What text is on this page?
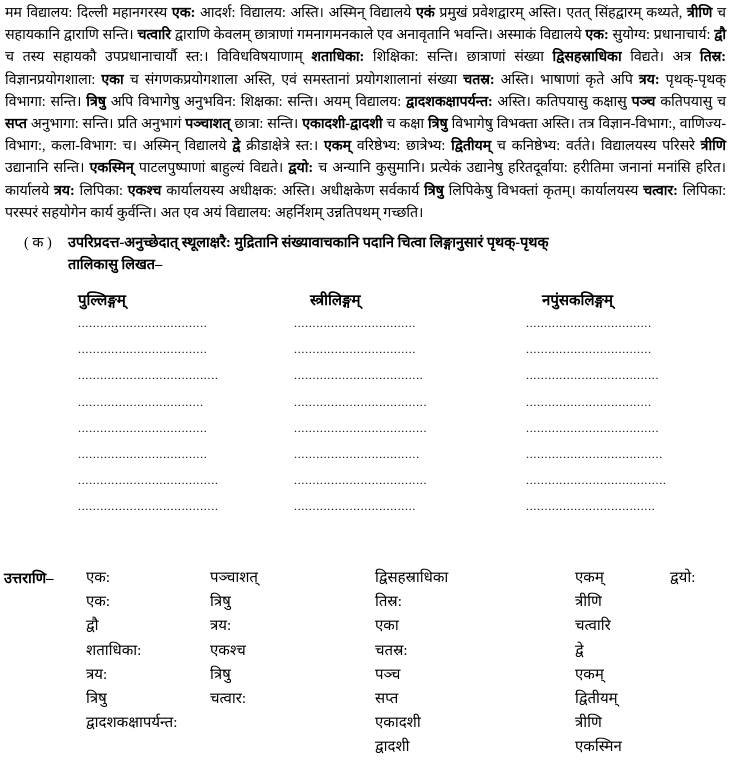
मम विद्यालय: दिल्ली महानगरस्य एक: आदर्श: विद्यालय: अस्ति। अस्मिन् विद्यालये एकं प्रमुखं प्रवेशद्वारम् अस्ति। एतत् सिंहद्वारम् कथ्यते, त्रीणि च सहायकानि द्वाराणि सन्ति। चत्वारि द्वाराणि केवलम् छात्राणां गमनागमनकाले एव अनावृतानि भवन्ति। अस्माकं विद्यालये एक: सुयोग्य: प्रधानाचार्य: द्वौ च तस्य सहायकौ उपप्रधानाचार्यौ स्त:। विविधविषयाणाम् शताधिका: शिक्षिका: सन्ति। छात्राणां संख्या द्विसहस्राधिका विद्यते। अत्र तिस्र: विज्ञानप्रयोगशाला: एका च संगणकप्रयोगशाला अस्ति, एवं समस्तानां प्रयोगशालानां संख्या चतस्र: अस्ति। भाषाणां कृते अपि त्रय: पृथक्-पृथक् विभागा: सन्ति। त्रिषु अपि विभागेषु अनुभविन: शिक्षका: सन्ति। अयम् विद्यालय: द्वादशकक्षापर्यन्त: अस्ति। कतिपयासु कक्षासु पञ्च कतिपयासु च सप्त अनुभागा: सन्ति। प्रति अनुभागं पञ्चाशत् छात्रा: सन्ति। एकादशी-द्वादशी च कक्षा त्रिषु विभागेषु विभक्ता अस्ति। तत्र विज्ञान-विभाग:, वाणिज्य-विभाग:, कला-विभाग: च। अस्मिन् विद्यालये द्वे क्रीडाक्षेत्रे स्त:। एकम् वरिष्ठेभ्य: छात्रेभ्य: द्वितीयम् च कनिष्ठेभ्य: वर्तते। विद्यालयस्य परिसरे त्रीणि उद्यानानि सन्ति। एकस्मिन् पाटलपुष्पाणां बाहुल्यं विद्यते। द्वयो: च अन्यानि कुसुमानि। प्रत्येकं उद्यानेषु हरितदूर्वाया: हरीतिमा जनानां मनांसि हरित। कार्यालये त्रय: लिपिका: एकश्च कार्यालयस्य अधीक्षक: अस्ति। अधीक्षकेण सर्वकार्य त्रिषु लिपिकेषु विभक्तां कृतम्। कार्यालयस्य चत्वार: लिपिका: परस्परं सहयोगेन कार्य कुर्वन्ति। अत एव अयं विद्यालय: अहर्निशम् उन्नतिपथम् गच्छति।

( क )	उपरिप्रदत्त-अनुच्छेदात् स्थूलाक्षरै: मुद्रितानि संख्यावाचकानि पदानि चित्वा लिङ्गानुसारं पृथक्-पृथक्
तालिकासु लिखत–
	पुल्लिङ्गम्	स्त्रीलिङ्गम्	नपुंसकलिङ्गम्

	...................................	.................................	..................................

	...................................	.................................	..................................

	......................................	...................................	....................................

	..................................	....................................	..................................

	...................................	....................................	....................................

	...................................	..................................	.....................................

	......................................	....................................	......................................

	......................................	.................................	...................................
उत्तराणि– एक:	पञ्चाशत्	द्विसहस्राधिका	एकम्	द्वयो:
एक:	त्रिषु	तिस्र:	त्रीणि	
द्वौ	त्रय:	एका	चत्वारि	
शताधिका:	एकश्च	चतस्र:	द्वे	
त्रय:	त्रिषु	पञ्च	एकम्	
त्रिषु	चत्वार:	सप्त	द्वितीयम्	
द्वादशकक्षापर्यन्त:		एकादशी	त्रीणि	
		द्वादशी	एकस्मिन	
